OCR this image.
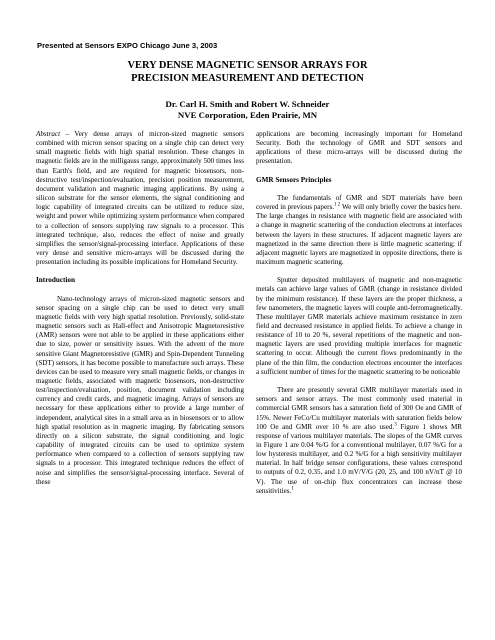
Presented at Sensors EXPO Chicago June 3, 2003
VERY DENSE MAGNETIC SENSOR ARRAYS FOR
PRECISION MEASUREMENT AND DETECTION
Dr. Carl H. Smith and Robert W. Schneider
NVE Corporation, Eden Prairie, MN

Abstract – Very dense arrays of micron-sized magnetic sensors combined with micron sensor spacing on a single chip can detect very small magnetic fields with high spatial resolution. These changes in magnetic fields are in the milligauss range, approximately 500 times less than Earth's field, and are required for magnetic biosensors, non-destructive test/inspection/evaluation, precision position measurement, document validation and magnetic imaging applications. By using a silicon substrate for the sensor elements, the signal conditioning and logic capability of integrated circuits can be utilized to reduce size, weight and power while optimizing system performance when compared to a collection of sensors supplying raw signals to a processor. This integrated technique, also, reduces the effect of noise and greatly simplifies the sensor/signal-processing interface. Applications of these very dense and sensitive micro-arrays will be discussed during the presentation including its possible implications for Homeland Security.

Introduction

Nano-technology arrays of micron-sized magnetic sensors and sensor spacing on a single chip can be used to detect very small magnetic fields with very high spatial resolution. Previously, solid-state magnetic sensors such as Hall-effect and Anisotropic Magnetoresistive (AMR) sensors were not able to be applied in these applications either due to size, power or sensitivity issues. With the advent of the more sensitive Giant Magnetoresistive (GMR) and Spin-Dependent Tunneling (SDT) sensors, it has become possible to manufacture such arrays. These devices can be used to measure very small magnetic fields, or changes in magnetic fields, associated with magnetic biosensors, non-destructive test/inspection/evaluation, position, document validation including currency and credit cards, and magnetic imaging. Arrays of sensors are necessary for these applications either to provide a large number of independent, analytical sites in a small area as in biosensors or to allow high spatial resolution as in magnetic imaging. By fabricating sensors directly on a silicon substrate, the signal conditioning and logic capability of integrated circuits can be used to optimize system performance when compared to a collection of sensors supplying raw signals to a processor. This integrated technique reduces the effect of noise and simplifies the sensor/signal-processing interface. Several of these

applications are becoming increasingly important for Homeland Security. Both the technology of GMR and SDT sensors and applications of these micro-arrays will be discussed during the presentation.

GMR Sensors Principles

The fundamentals of GMR and SDT materials have been covered in previous papers.$^{1 2}$ We will only briefly cover the basics here. The large changes in resistance with magnetic field are associated with a change in magnetic scattering of the conduction electrons at interfaces between the layers in these structures. If adjacent magnetic layers are magnetized in the same direction there is little magnetic scattering; if adjacent magnetic layers are magnetized in opposite directions, there is maximum magnetic scattering.

Sputter deposited multilayers of magnetic and non-magnetic metals can achieve large values of GMR (change in resistance divided by the minimum resistance). If these layers are the proper thickness, a few nanometers, the magnetic layers will couple anti-ferromagnetically. These multilayer GMR materials achieve maximum resistance in zero field and decreased resistance in applied fields. To achieve a change in resistance of 10 to 20 %, several repetitions of the magnetic and non-magnetic layers are used providing multiple interfaces for magnetic scattering to occur. Although the current flows predominantly in the plane of the thin film, the conduction electrons encounter the interfaces a sufficient number of times for the magnetic scattering to be noticeable

There are presently several GMR multilayer materials used in sensors and sensor arrays. The most commonly used material in commercial GMR sensors has a saturation field of 300 Oe and GMR of 15%. Newer FeCo/Cu multilayer materials with saturation fields below 100 Oe and GMR over 10 % are also used.$^3$ Figure 1 shows MR response of various multilayer materials. The slopes of the GMR curves in Figure 1 are 0.04 %/G for a conventional multilayer, 0.07 %/G for a low hysteresis multilayer, and 0.2 %/G for a high sensitivity multilayer material. In half bridge sensor configurations, these values correspond to outputs of 0.2, 0.35, and 1.0 mV/V/G (20, 25, and 100 nV/nT @ 10 V). The use of on-chip flux concentrators can increase these sensitivities.$^1$
